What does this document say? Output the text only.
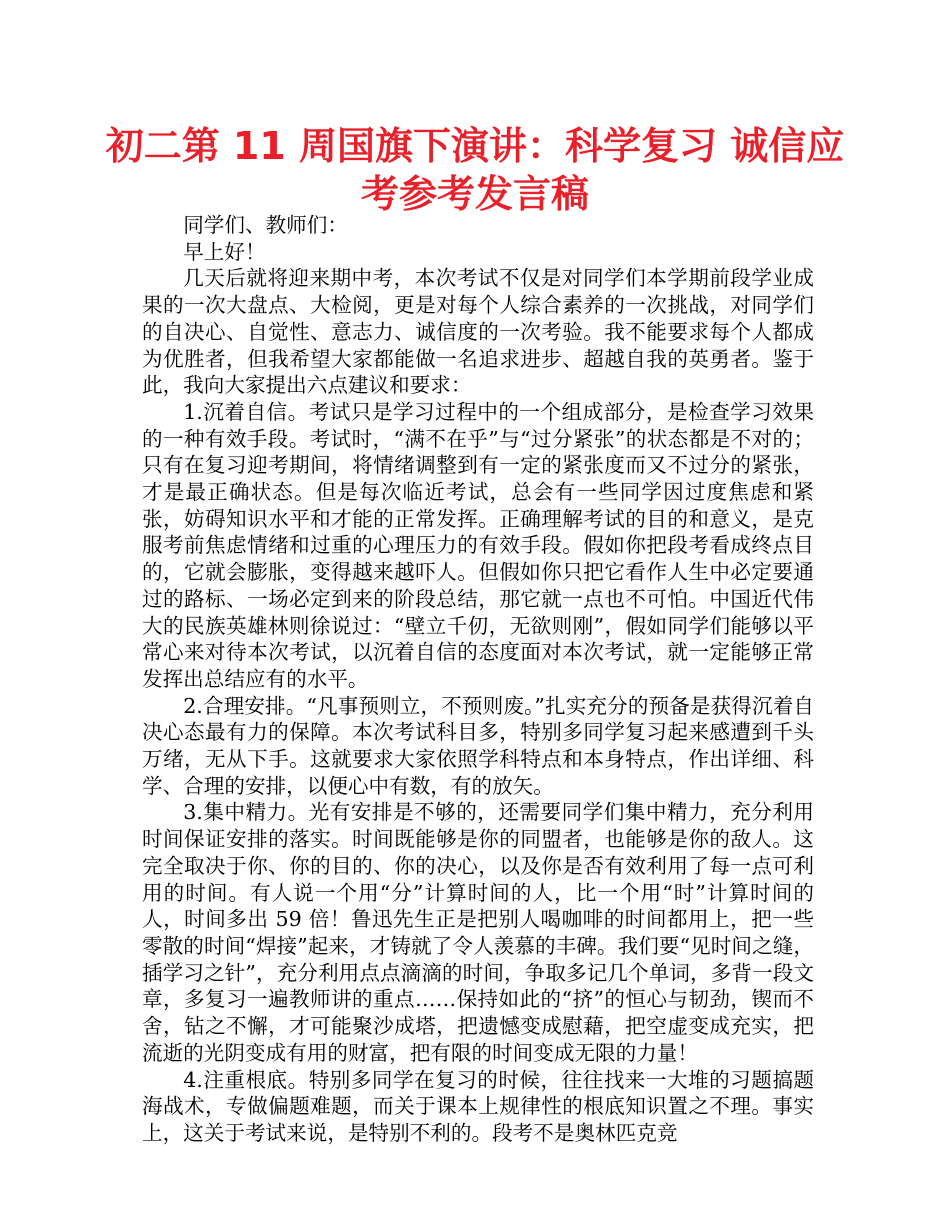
初二第 11 周国旗下演讲：科学复习 诚信应考参考发言稿

同学们、教师们：

早上好！

几天后就将迎来期中考，本次考试不仅是对同学们本学期前段学业成果的一次大盘点、大检阅，更是对每个人综合素养的一次挑战，对同学们的自决心、自觉性、意志力、诚信度的一次考验。我不能要求每个人都成为优胜者，但我希望大家都能做一名追求进步、超越自我的英勇者。鉴于此，我向大家提出六点建议和要求：

1.沉着自信。考试只是学习过程中的一个组成部分，是检查学习效果的一种有效手段。考试时，“满不在乎”与“过分紧张”的状态都是不对的；只有在复习迎考期间，将情绪调整到有一定的紧张度而又不过分的紧张，才是最正确状态。但是每次临近考试，总会有一些同学因过度焦虑和紧张，妨碍知识水平和才能的正常发挥。正确理解考试的目的和意义，是克服考前焦虑情绪和过重的心理压力的有效手段。假如你把段考看成终点目的，它就会膨胀，变得越来越吓人。但假如你只把它看作人生中必定要通过的路标、一场必定到来的阶段总结，那它就一点也不可怕。中国近代伟大的民族英雄林则徐说过：“壁立千仞，无欲则刚”，假如同学们能够以平常心来对待本次考试，以沉着自信的态度面对本次考试，就一定能够正常发挥出总结应有的水平。

2.合理安排。“凡事预则立，不预则废。”扎实充分的预备是获得沉着自决心态最有力的保障。本次考试科目多，特别多同学复习起来感遭到千头万绪，无从下手。这就要求大家依照学科特点和本身特点，作出详细、科学、合理的安排，以便心中有数，有的放矢。

3.集中精力。光有安排是不够的，还需要同学们集中精力，充分利用时间保证安排的落实。时间既能够是你的同盟者，也能够是你的敌人。这完全取决于你、你的目的、你的决心，以及你是否有效利用了每一点可利用的时间。有人说一个用“分”计算时间的人，比一个用“时”计算时间的人，时间多出 59 倍！鲁迅先生正是把别人喝咖啡的时间都用上，把一些零散的时间“焊接”起来，才铸就了令人羡慕的丰碑。我们要“见时间之缝，插学习之针”，充分利用点点滴滴的时间，争取多记几个单词，多背一段文章，多复习一遍教师讲的重点……保持如此的“挤”的恒心与韧劲，锲而不舍，钻之不懈，才可能聚沙成塔，把遗憾变成慰藉，把空虚变成充实，把流逝的光阴变成有用的财富，把有限的时间变成无限的力量！

4.注重根底。特别多同学在复习的时候，往往找来一大堆的习题搞题海战术，专做偏题难题，而关于课本上规律性的根底知识置之不理。事实上，这关于考试来说，是特别不利的。段考不是奥林匹克竞
